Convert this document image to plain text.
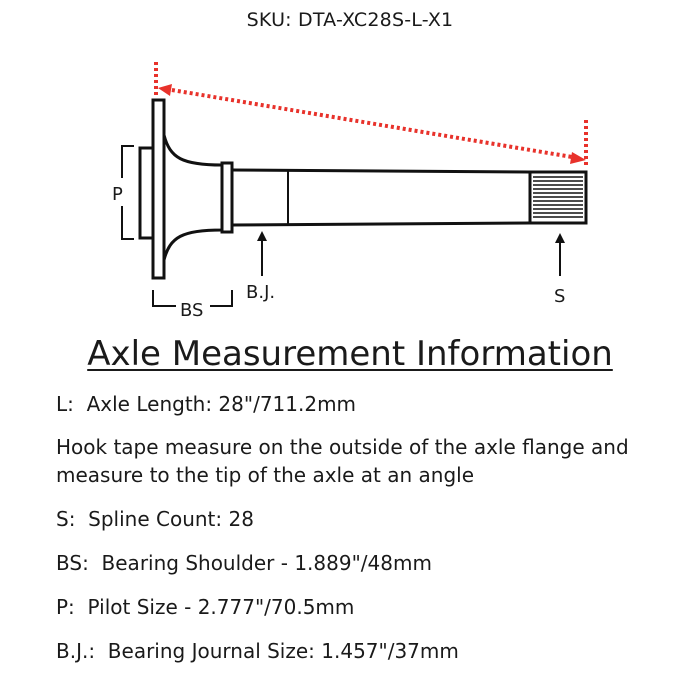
SKU: DTA-XC28S-L-X1
P
BS
B.J.	S
Axle Measurement Information
L: Axle Length: 28"/711.2mm
Hook tape measure on the outside of the axle flange and
measure to the tip of the axle at an angle
S: Spline Count: 28
BS: Bearing Shoulder - 1.889"/48mm
P: Pilot Size - 2.777"/70.5mm
B.J.: Bearing Journal Size: 1.457"/37mm
